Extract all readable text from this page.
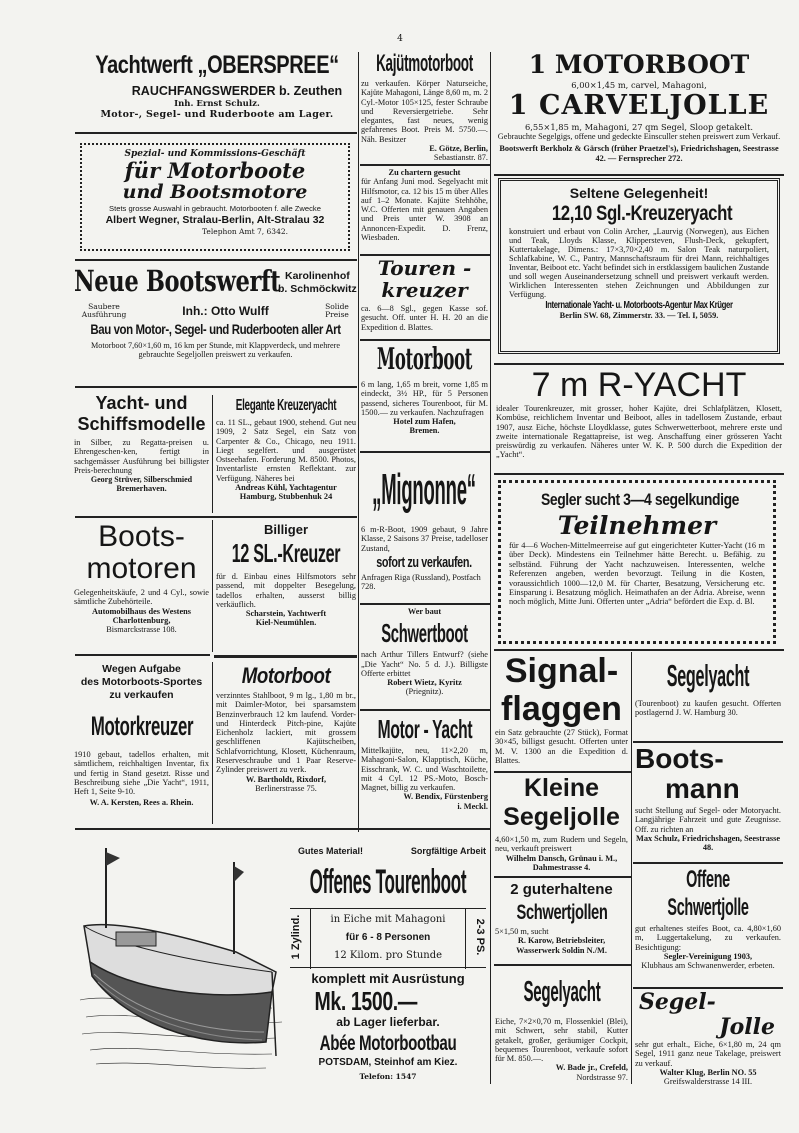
4
Yachtwerft „OBERSPREE“
RAUCHFANGSWERDER b. Zeuthen
Inh. Ernst Schulz.
Motor-, Segel- und Ruderboote am Lager.
Spezial- und Kommissions-Geschäft
für Motorboote
und Bootsmotore
Stets grosse Auswahl in gebraucht. Motorbooten f. alle Zwecke
Albert Wegner, Stralau-Berlin, Alt-Stralau 32
Telephon Amt 7, 6342.
Neue Bootswerft Karolinenhof
b. Schmöckwitz
Saubere
Ausführung	Inh.: Otto Wulff	Solide
Preise
Bau von Motor-, Segel- und Ruderbooten aller Art
Motorboot 7,60×1,60 m, 16 km per Stunde, mit Klappverdeck, und mehrere gebrauchte Segeljollen preiswert zu verkaufen.
Yacht- und
Schiffsmodelle
in Silber, zu Regatta-preisen u. Ehrengeschen-ken, fertigt in sachgemässer Ausführung bei billigster Preis-berechnung
Georg Strüver, Silberschmied
Bremerhaven.
Elegante Kreuzeryacht
ca. 11 SL., gebaut 1900, stehend. Gut neu 1909, 2 Satz Segel, ein Satz von Carpenter & Co., Chicago, neu 1911. Liegt segelfert. und ausgerüstet Ostseehafen. Forderung M. 8500. Photos, Inventarliste ernsten Reflektant. zur Verfügung. Näheres bei
Andreas Kühl, Yachtagentur
Hamburg, Stubbenhuk 24
Boots-
motoren
Gelegenheitskäufe, 2 und 4 Cyl., sowie sämtliche Zubehörteile.
Automobilhaus des Westens Charlottenburg,
Bismarckstrasse 108.
Billiger
12 SL.-Kreuzer
für d. Einbau eines Hilfsmotors sehr passend, mit doppelter Besegelung, tadellos erhalten, ausserst billig verkäuflich.
Scharstein, Yachtwerft
Kiel-Neumühlen.
Wegen Aufgabe
des Motorboots-Sportes
zu verkaufen
Motorkreuzer
1910 gebaut, tadellos erhalten, mit sämtlichem, reichhaltigen Inventar, fix und fertig in Stand gesetzt. Risse und Beschreibung siehe „Die Yacht“, 1911, Heft 1, Seite 9-10.
W. A. Kersten, Rees a. Rhein.
Motorboot
verzinntes Stahlboot, 9 m lg., 1,80 m br., mit Daimler-Motor, bei sparsamstem Benzinverbrauch 12 km laufend. Vorder- und Hinterdeck Pitch-pine, Kajüte Eichenholz lackiert, mit grossem geschliffenen Kajütscheiben, Schlafvorrichtung, Klosett, Küchenraum, Reserveschraube und 1 Paar Reserve-Zylinder preiswert zu verk.
W. Bartholdt, Rixdorf,
Berlinerstrasse 75.
Kajütmotorboot
zu verkaufen. Körper Naturseiche, Kajüte Mahagoni, Länge 8,60 m, m. 2 Cyl.-Motor 105×125, fester Schraube und Reversiergetriebe. Sehr elegantes, fast neues, wenig gefahrenes Boot. Preis M. 5750.—. Näh. Besitzer
E. Götze, Berlin,
Sebastianstr. 87.
Zu chartern gesucht
für Anfang Juni mod. Segelyacht mit Hilfsmotor, ca. 12 bis 15 m über Alles auf 1–2 Monate. Kajüte Stehhöhe, W.C. Offerten mit genauen Angaben und Preis unter W. 3908 an Annoncen-Expedit. D. Frenz, Wiesbaden.
Touren -
kreuzer
ca. 6—8 Sgl., gegen Kasse sof. gesucht. Off. unter H. H. 20 an die Expedition d. Blattes.
Motorboot
6 m lang, 1,65 m breit, vorne 1,85 m eindeckt, 3½ HP., für 5 Personen passend, sicheres Tourenboot, für M. 1500.— zu verkaufen. Nachzufragen
Hotel zum Hafen,
Bremen.
„Mignonne“
6 m-R-Boot, 1909 gebaut, 9 Jahre Klasse, 2 Saisons 37 Preise, tadelloser Zustand,
sofort zu verkaufen.
Anfragen Riga (Russland), Postfach 728.
Wer baut
Schwertboot
nach Arthur Tillers Entwurf? (siehe „Die Yacht“ No. 5 d. J.). Billigste Offerte erbittet
Robert Wietz, Kyritz
(Priegnitz).
Motor - Yacht
Mittelkajüte, neu, 11×2,20 m, Mahagoni-Salon, Klapptisch, Küche, Eisschrank, W. C. und Waschtoilette, mit 4 Cyl. 12 PS.-Moto, Bosch-Magnet, billig zu verkaufen.
W. Bendix, Fürstenberg
i. Meckl.
1 MOTORBOOT
6,00×1,45 m, carvel, Mahagoni,
1 CARVELJOLLE
6,55×1,85 m, Mahagoni, 27 qm Segel, Sloop getakelt.
Gebrauchte Segelgigs, offene und gedeckte Einsculler stehen preiswert zum Verkauf.
Bootswerft Berkholz & Gärsch (früher Praetzel's), Friedrichshagen, Seestrasse 42. — Fernsprecher 272.
Seltene Gelegenheit!
12,10 Sgl.-Kreuzeryacht
konstruiert und erbaut von Colin Archer, „Laurvig (Norwegen), aus Eichen und Teak, Lloyds Klasse, Klippersteven, Flush-Deck, gekupfert, Kuttertakelage, Dimens.: 17×3,70×2,40 m. Salon Teak naturpoliert, Schlafkabine, W. C., Pantry, Mannschaftsraum für drei Mann, reichhaltiges Inventar, Beiboot etc. Yacht befindet sich in erstklassigem baulichen Zustande und soll wegen Auseinandersetzung schnell und preiswert verkauft werden. Wirklichen Interessenten stehen Zeichnungen und Abbildungen zur Verfügung.
Internationale Yacht- u. Motorboots-Agentur Max Krüger
Berlin SW. 68, Zimmerstr. 33. — Tel. I, 5059.
7 m R-YACHT
idealer Tourenkreuzer, mit grosser, hoher Kajüte, drei Schlafplätzen, Klosett, Kombüse, reichlichem Inventar und Beiboot, alles in tadellosem Zustande, erbaut 1907, ausz Eiche, höchste Lloydklasse, gutes Schwerwetterboot, mehrere erste und zweite internationale Regattapreise, ist weg. Anschaffung einer grösseren Yacht preiswürdig zu verkaufen. Näheres unter W. K. P. 500 durch die Expedition der „Yacht“.
Segler sucht 3—4 segelkundige
Teilnehmer
für 4—6 Wochen-Mittelmeerreise auf gut eingerichteter Kutter-Yacht (16 m über Deck). Mindestens ein Teilnehmer hätte Berecht. u. Befähig. zu selbständ. Führung der Yacht nachzuweisen. Interessenten, welche Referenzen angeben, werden bevorzugt. Teilung in die Kosten, voraussichtlich 1000—12,0 M. für Charter, Besatzung, Versicherung etc. Einsparung i. Besatzung möglich. Heimathafen an der Adria. Abreise, wenn noch möglich, Mitte Juni. Offerten unter „Adria“ befördert die Exp. d. Bl.
Signal-
flaggen
ein Satz gebrauchte (27 Stück), Format 30×45, billigst gesucht. Offerten unter M. V. 1300 an die Expedition d. Blattes.
Segelyacht
(Tourenboot) zu kaufen gesucht. Offerten postlagernd J. W. Hamburg 30.
Boots-
mann
sucht Stellung auf Segel- oder Motoryacht. Langjährige Fahrzeit und gute Zeugnisse. Off. zu richten an
Max Schulz, Friedrichshagen, Seestrasse 48.
Kleine
Segeljolle
4,60×1,50 m, zum Rudern und Segeln, neu, verkauft preiswert
Wilhelm Dansch, Grünau i. M., Dahmestrasse 4.	Offene
Schwertjolle
gut erhaltenes steifes Boot, ca. 4,80×1,60 m, Luggertakelung, zu verkaufen. Besichtigung:
Segler-Vereinigung 1903,
Klubhaus am Schwanenwerder, erbeten.
2 guterhaltene
Schwertjollen
5×1,50 m, sucht
R. Karow, Betriebsleiter,
Wasserwerk Soldin N./M.
Segelyacht
Eiche, 7×2×0,70 m, Flossenkiel (Blei), mit Schwert, sehr stabil, Kutter getakelt, großer, geräumiger Cockpit, bequemes Tourenboot, verkaufe sofort für M. 850.—.
W. Bade jr., Crefeld,
Nordstrasse 97.
Segel-
Jolle
sehr gut erhalt., Eiche, 6×1,80 m, 24 qm Segel, 1911 ganz neue Takelage, preiswert zu verkauf.
Walter Klug, Berlin NO. 55
Greifswalderstrasse 14 III.
Gutes Material!	Sorgfältige Arbeit
Offenes Tourenboot
1 Zylind.	2-3 PS.
in Eiche mit Mahagoni
für 6 - 8 Personen
12 Kilom. pro Stunde
komplett mit Ausrüstung
Mk. 1500.—
ab Lager lieferbar.
Abée Motorbootbau
POTSDAM, Steinhof am Kiez.
Telefon: 1547
